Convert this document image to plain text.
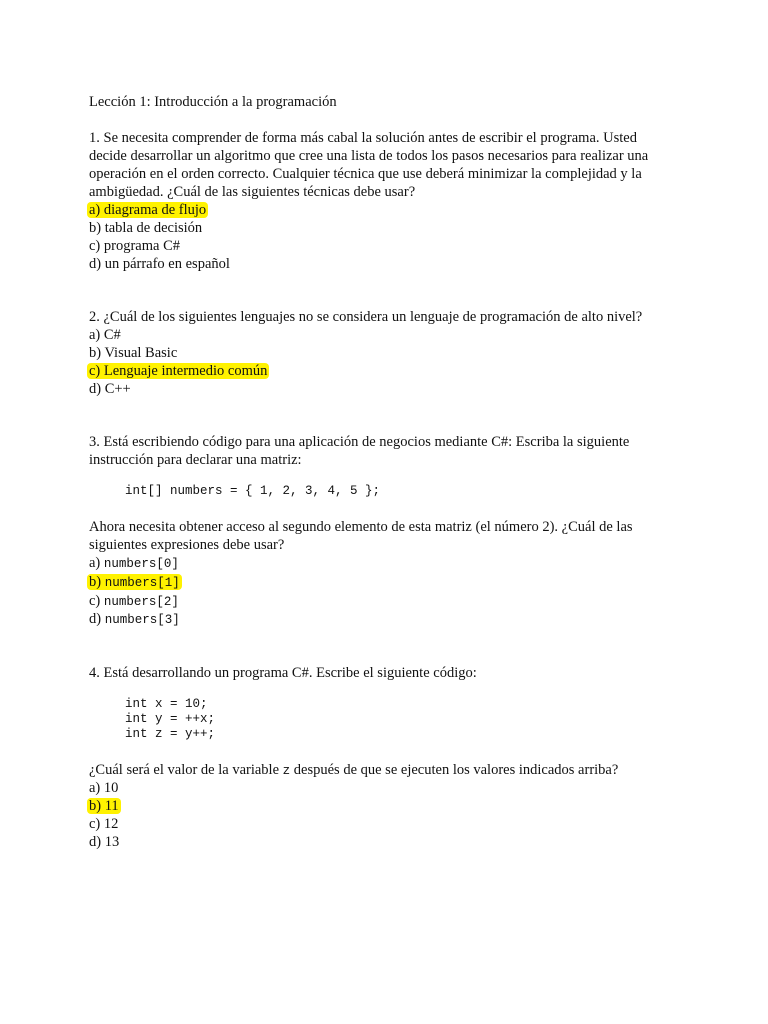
Lección 1: Introducción a la programación
1. Se necesita comprender de forma más cabal la solución antes de escribir el programa. Usted
decide desarrollar un algoritmo que cree una lista de todos los pasos necesarios para realizar una
operación en el orden correcto. Cualquier técnica que use deberá minimizar la complejidad y la
ambigüedad. ¿Cuál de las siguientes técnicas debe usar?
a) diagrama de flujo
b) tabla de decisión
c) programa C#
d) un párrafo en español
2. ¿Cuál de los siguientes lenguajes no se considera un lenguaje de programación de alto nivel?
a) C#
b) Visual Basic
c) Lenguaje intermedio común
d) C++
3. Está escribiendo código para una aplicación de negocios mediante C#: Escriba la siguiente
instrucción para declarar una matriz:
int[] numbers = { 1, 2, 3, 4, 5 };
Ahora necesita obtener acceso al segundo elemento de esta matriz (el número 2). ¿Cuál de las
siguientes expresiones debe usar?
a) numbers[0]
b) numbers[1]
c) numbers[2]
d) numbers[3]
4. Está desarrollando un programa C#. Escribe el siguiente código:
int x = 10;
int y = ++x;
int z = y++;
¿Cuál será el valor de la variable z después de que se ejecuten los valores indicados arriba?
a) 10
b) 11
c) 12
d) 13
